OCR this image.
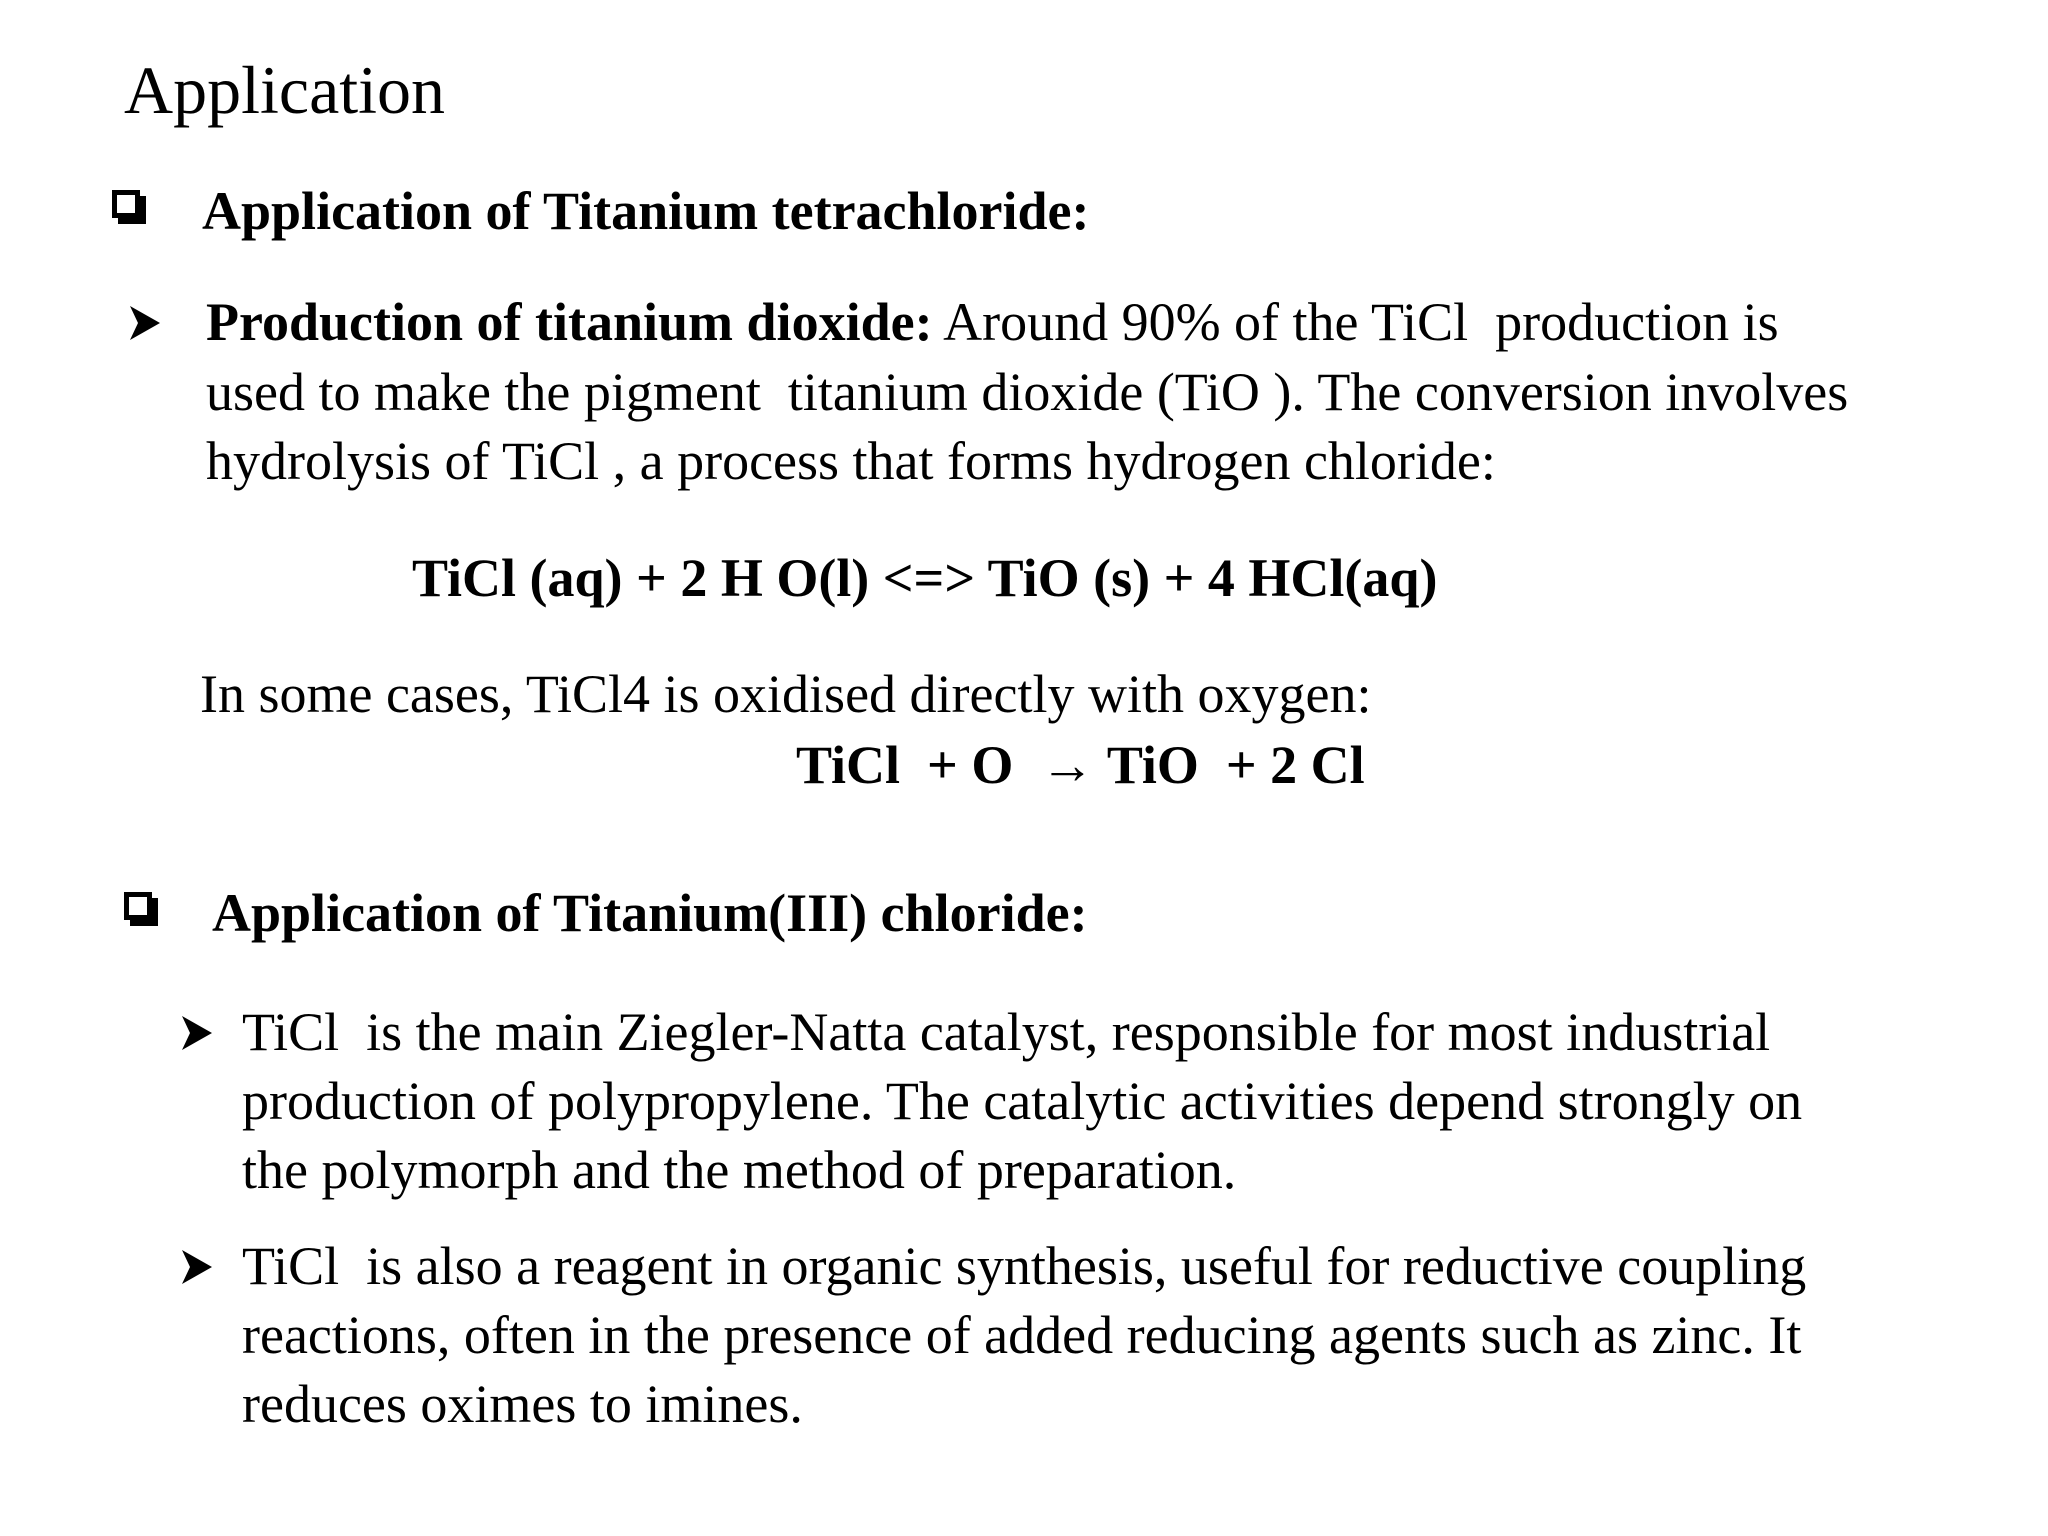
Application
Application of Titanium tetrachloride:
Production of titanium dioxide: Around 90% of the TiCl  production is
used to make the pigment  titanium dioxide (TiO ). The conversion involves
hydrolysis of TiCl , a process that forms hydrogen chloride:
TiCl (aq) + 2 H O(l) <=> TiO (s) + 4 HCl(aq)
In some cases, TiCl4 is oxidised directly with oxygen:
TiCl  + O  → TiO  + 2 Cl
Application of Titanium(III) chloride:
TiCl  is the main Ziegler-Natta catalyst, responsible for most industrial
production of polypropylene. The catalytic activities depend strongly on
the polymorph and the method of preparation.
TiCl  is also a reagent in organic synthesis, useful for reductive coupling
reactions, often in the presence of added reducing agents such as zinc. It
reduces oximes to imines.
